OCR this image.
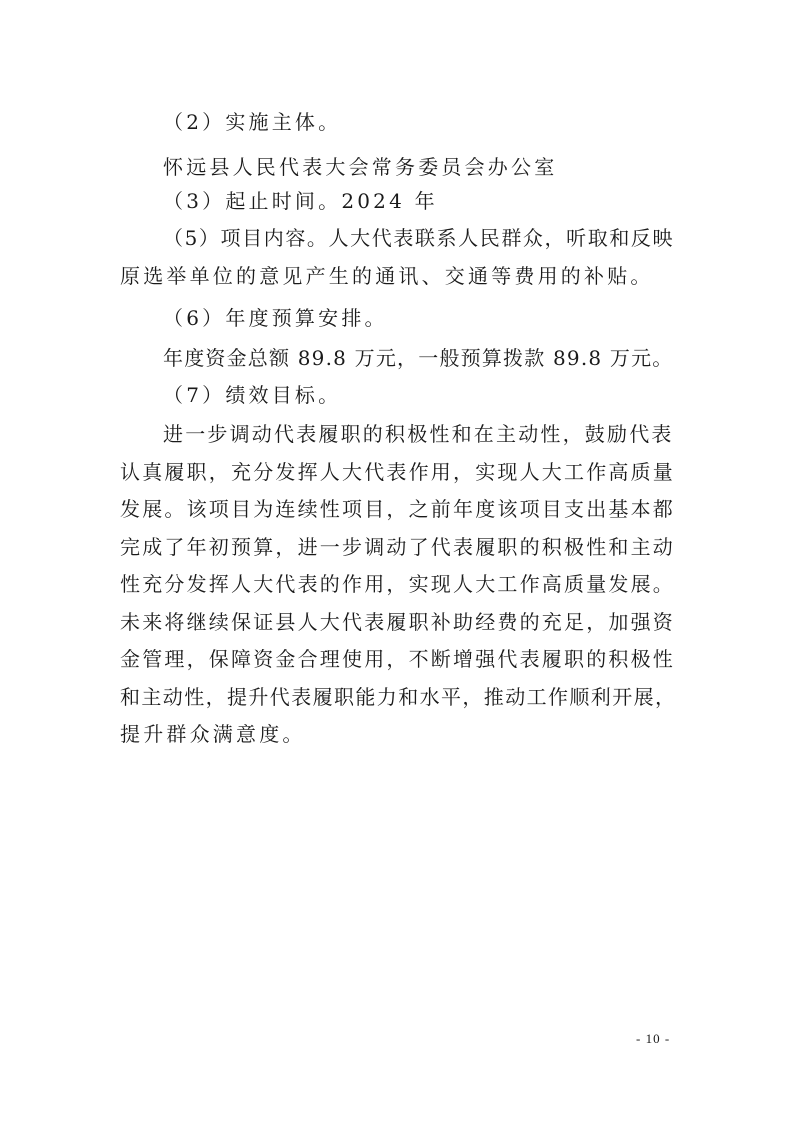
（2）实施主体。
怀远县人民代表大会常务委员会办公室
（3）起止时间。2024 年
（5）项目内容。人大代表联系人民群众，听取和反映
原选举单位的意见产生的通讯、交通等费用的补贴。
（6）年度预算安排。
年度资金总额 89.8 万元，一般预算拨款 89.8 万元。
（7）绩效目标。
进一步调动代表履职的积极性和在主动性，鼓励代表
认真履职，充分发挥人大代表作用，实现人大工作高质量
发展。该项目为连续性项目，之前年度该项目支出基本都
完成了年初预算，进一步调动了代表履职的积极性和主动
性充分发挥人大代表的作用，实现人大工作高质量发展。
未来将继续保证县人大代表履职补助经费的充足，加强资
金管理，保障资金合理使用，不断增强代表履职的积极性
和主动性，提升代表履职能力和水平，推动工作顺利开展，
提升群众满意度。
- 10 -
